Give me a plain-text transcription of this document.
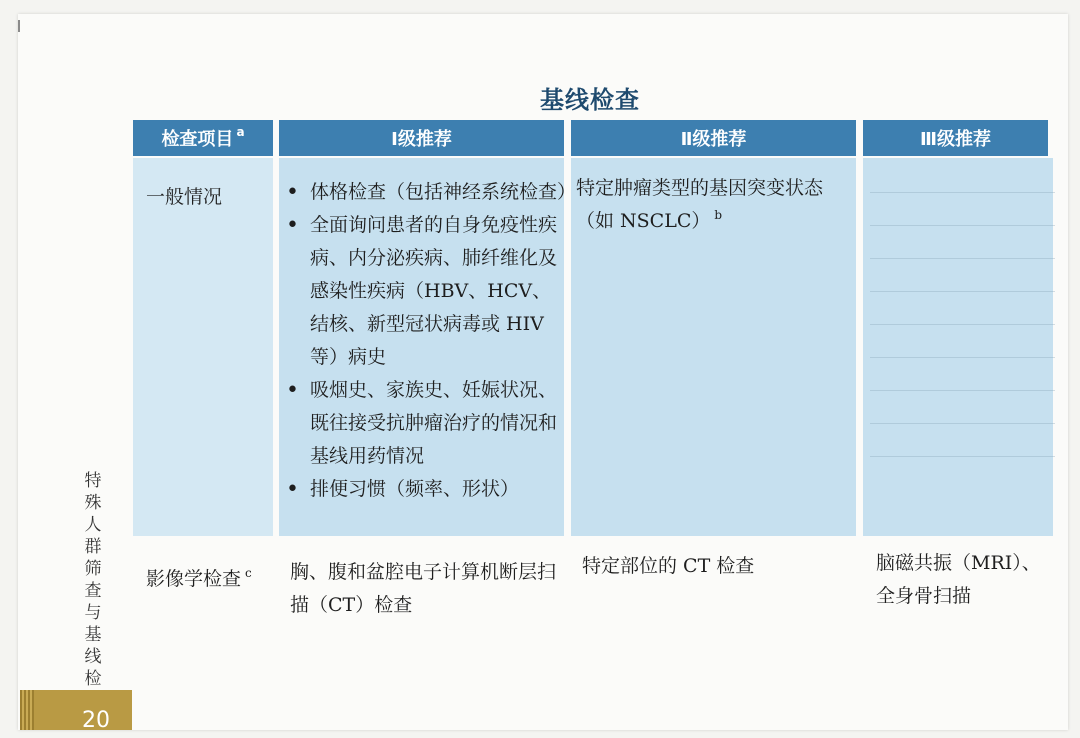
基线检查
检查项目 $^a$	Ⅰ级推荐	Ⅱ级推荐	Ⅲ级推荐
一般情况
•	体格检查（包括神经系统检查）
• 全面询问患者的自身免疫性疾病、内分泌疾病、肺纤维化及感染性疾病（HBV、HCV、结核、新型冠状病毒或 HIV 等）病史
• 吸烟史、家族史、妊娠状况、既往接受抗肿瘤治疗的情况和基线用药情况
• 排便习惯（频率、形状）
特定肿瘤类型的基因突变状态（如 NSCLC） $^b$
影像学检查 $^c$	胸、腹和盆腔电子计算机断层扫描（CT）检查
特定部位的 CT 检查	脑磁共振（MRI）、全身骨扫描
特殊人群筛查与基线检
20
